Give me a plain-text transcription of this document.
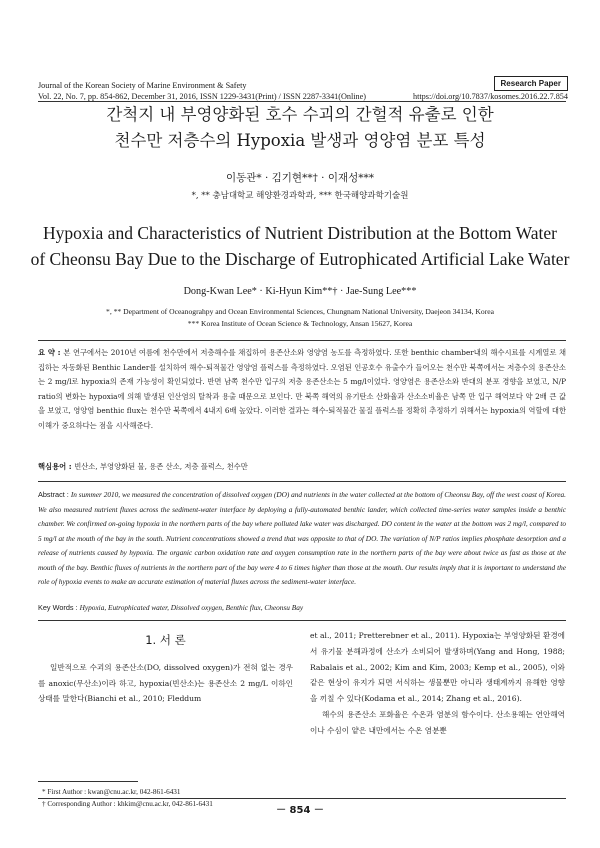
Journal of the Korean Society of Marine Environment & Safety
Vol. 22, No. 7, pp. 854-862, December 31, 2016, ISSN 1229-3431(Print) / ISSN 2287-3341(Online)
Research Paper
https://doi.org/10.7837/kosomes.2016.22.7.854
간척지 내 부영양화된 호수 수괴의 간헐적 유출로 인한
천수만 저층수의 Hypoxia 발생과 영양염 분포 특성
이동관* · 김기현**† · 이재성***
*, ** 충남대학교 해양환경과학과, *** 한국해양과학기술원
Hypoxia and Characteristics of Nutrient Distribution at the Bottom Water
of Cheonsu Bay Due to the Discharge of Eutrophicated Artificial Lake Water
Dong-Kwan Lee* · Ki-Hyun Kim**† · Jae-Sung Lee***
*, ** Department of Oceanograhpy and Ocean Environmental Sciences, Chungnam National University, Daejeon 34134, Korea
*** Korea Institute of Ocean Science & Technology, Ansan 15627, Korea
요 약 : 본 연구에서는 2010년 여름에 천수만에서 저층해수를 채집하여 용존산소와 영양염 농도를 측정하였다. 또한 benthic chamber내의 해수시료를 시계열로 채집하는 자동화된 Benthic Lander를 설치하여 해수-퇴적물간 영양염 플럭스를 측정하였다. 오염된 인공호수 유출수가 들어오는 천수만 북쪽에서는 저층수의 용존산소는 2 mg/l로 hypoxia의 존재 가능성이 확인되었다. 반면 남쪽 천수만 입구의 저층 용존산소는 5 mg/l이었다. 영양염은 용존산소와 반대의 분포 경향을 보였고, N/P ratio의 변화는 hypoxia에 의해 발생된 인산염의 탈착과 용출 때문으로 보인다. 만 북쪽 해역의 유기탄소 산화율과 산소소비율은 남쪽 만 입구 해역보다 약 2배 큰 값을 보였고, 영양염 benthic flux는 천수만 북쪽에서 4내지 6배 높았다. 이러한 결과는 해수-퇴적물간 물질 플럭스를 정확히 추정하기 위해서는 hypoxia의 역할에 대한 이해가 중요하다는 점을 시사해준다.
핵심용어 : 빈산소, 부영양화된 물, 용존 산소, 저층 플럭스, 천수만
Abstract : In summer 2010, we measured the concentration of dissolved oxygen (DO) and nutrients in the water collected at the bottom of Cheonsu Bay, off the west coast of Korea. We also measured nutrient fluxes across the sediment-water interface by deploying a fully-automated benthic lander, which collected time-series water samples inside a benthic chamber. We confirmed on-going hypoxia in the northern parts of the bay where polluted lake water was discharged. DO content in the water at the bottom was 2 mg/l, compared to 5 mg/l at the mouth of the bay in the south. Nutrient concentrations showed a trend that was opposite to that of DO. The variation of N/P ratios implies phosphate desorption and a release of nutrients caused by hypoxia. The organic carbon oxidation rate and oxygen consumption rate in the northern parts of the bay were about twice as fast as those at the mouth of the bay. Benthic fluxes of nutrients in the northern part of the bay were 4 to 6 times higher than those at the mouth. Our results imply that it is important to understand the role of hypoxia events to make an accurate estimation of material fluxes across the sediment-water interface.
Key Words : Hypoxia, Eutrophicated water, Dissolved oxygen, Benthic flux, Cheonsu Bay
1. 서 론

일반적으로 수괴의 용존산소(DO, dissolved oxygen)가 전혀 없는 경우를 anoxic(무산소)이라 하고, hypoxia(빈산소)는 용존산소 2 mg/L 이하인 상태를 말한다(Bianchi et al., 2010; Fleddum

et al., 2011; Pretterebner et al., 2011). Hypoxia는 부영양화된 환경에서 유기물 분해과정에 산소가 소비되어 발생하며(Yang and Hong, 1988; Rabalais et al., 2002; Kim and Kim, 2003; Kemp et al., 2005), 이와 같은 현상이 유지가 되면 서식하는 생물뿐만 아니라 생태계까지 유해한 영향을 끼칠 수 있다(Kodama et al., 2014; Zhang et al., 2016).

해수의 용존산소 포화율은 수온과 염분의 함수이다. 산소용해는 연안해역이나 수심이 얕은 내만에서는 수온 염분뿐

* First Author : kwan@cnu.ac.kr, 042-861-6431
† Corresponding Author : khkim@cnu.ac.kr, 042-861-6431
－ 854 －
